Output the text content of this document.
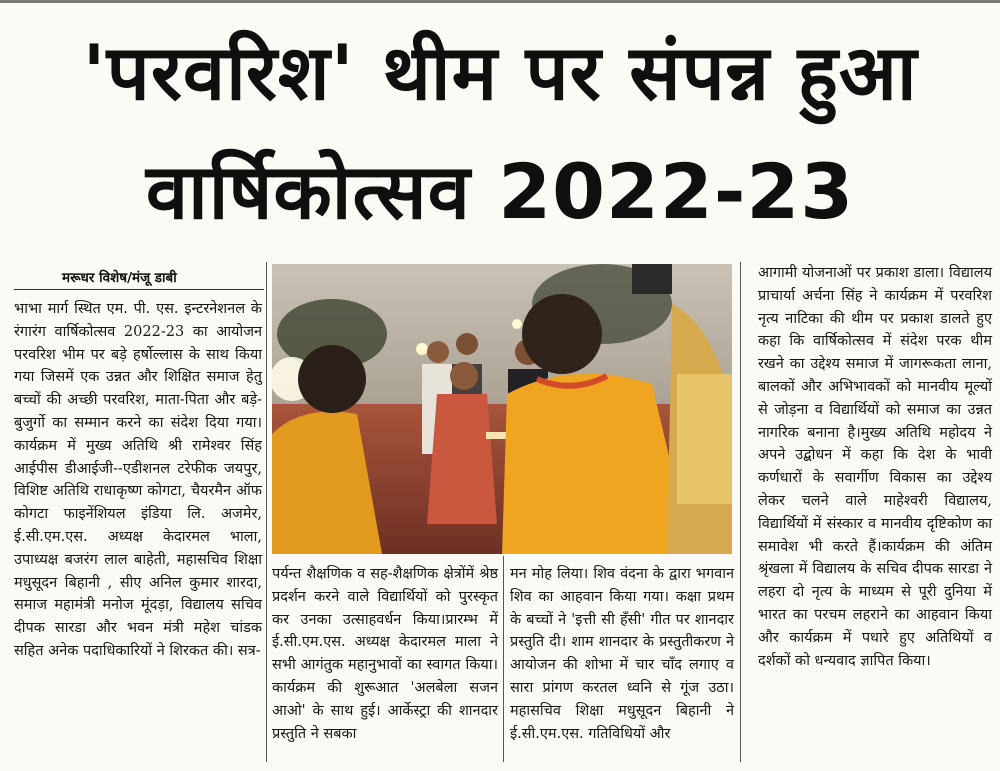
'परवरिश' थीम पर संपन्न हुआ
वार्षिकोत्सव 2022-23
मरूधर विशेष/मंजू डाबी

भाभा मार्ग स्थित एम. पी. एस. इन्टरनेशनल के रंगारंग वार्षिकोत्सव 2022-23 का आयोजन परवरिश भीम पर बड़े हर्षोल्लास के साथ किया गया जिसमें एक उन्नत और शिक्षित समाज हेतु बच्चों की अच्छी परवरिश, माता-पिता और बड़े-बुजुर्गो का सम्मान करने का संदेश दिया गया। कार्यक्रम में मुख्य अतिथि श्री रामेश्वर सिंह आईपीस डीआईजी--एडीशनल टरेफीक जयपुर, विशिष्ट अतिथि राधाकृष्ण कोगटा, चैयरमैन ऑफ कोगटा फाइनेंशियल इंडिया लि. अजमेर, ई.सी.एम.एस. अध्यक्ष केदारमल भाला, उपाध्यक्ष बजरंग लाल बाहेती, महासचिव शिक्षा मधुसूदन बिहानी , सीए अनिल कुमार शारदा, समाज महामंत्री मनोज मूंदड़ा, विद्यालय सचिव दीपक सारडा और भवन मंत्री महेश चांडक सहित अनेक पदाधिकारियों ने शिरकत की। सत्र-

पर्यन्त शैक्षणिक व सह-शैक्षणिक क्षेत्रोंमें श्रेष्ठ प्रदर्शन करने वाले विद्यार्थियों को पुरस्कृत कर उनका उत्साहवर्धन किया।प्रारम्भ में ई.सी.एम.एस. अध्यक्ष केदारमल माला ने सभी आगंतुक महानुभावों का स्वागत किया। कार्यक्रम की शुरूआत 'अलबेला सजन आओ' के साथ हुई। आर्केस्ट्रा की शानदार प्रस्तुति ने सबका

मन मोह लिया। शिव वंदना के द्वारा भगवान शिव का आहवान किया गया। कक्षा प्रथम के बच्चों ने 'इत्ती सी हँसी' गीत पर शानदार प्रस्तुति दी। शाम शानदार के प्रस्तुतीकरण ने आयोजन की शोभा में चार चाँद लगाए व सारा प्रांगण करतल ध्वनि से गूंज उठा। महासचिव शिक्षा मधुसूदन बिहानी ने ई.सी.एम.एस. गतिविधियों और

आगामी योजनाओं पर प्रकाश डाला। विद्यालय प्राचार्या अर्चना सिंह ने कार्यक्रम में परवरिश नृत्य नाटिका की थीम पर प्रकाश डालते हुए कहा कि वार्षिकोत्सव में संदेश परक थीम रखने का उद्देश्य समाज में जागरूकता लाना, बालकों और अभिभावकों को मानवीय मूल्यों से जोड़ना व विद्यार्थियों को समाज का उन्नत नागरिक बनाना है।मुख्य अतिथि महोदय ने अपने उद्बोधन में कहा कि देश के भावी कर्णधारों के सवार्गीण विकास का उद्देश्य लेकर चलने वाले माहेश्वरी विद्यालय, विद्यार्थियों में संस्कार व मानवीय दृष्टिकोण का समावेश भी करते हैं।कार्यक्रम की अंतिम श्रृंखला में विद्यालय के सचिव दीपक सारडा ने लहरा दो नृत्य के माध्यम से पूरी दुनिया में भारत का परचम लहराने का आहवान किया और कार्यक्रम में पधारे हुए अतिथियों व दर्शकों को धन्यवाद ज्ञापित किया।
